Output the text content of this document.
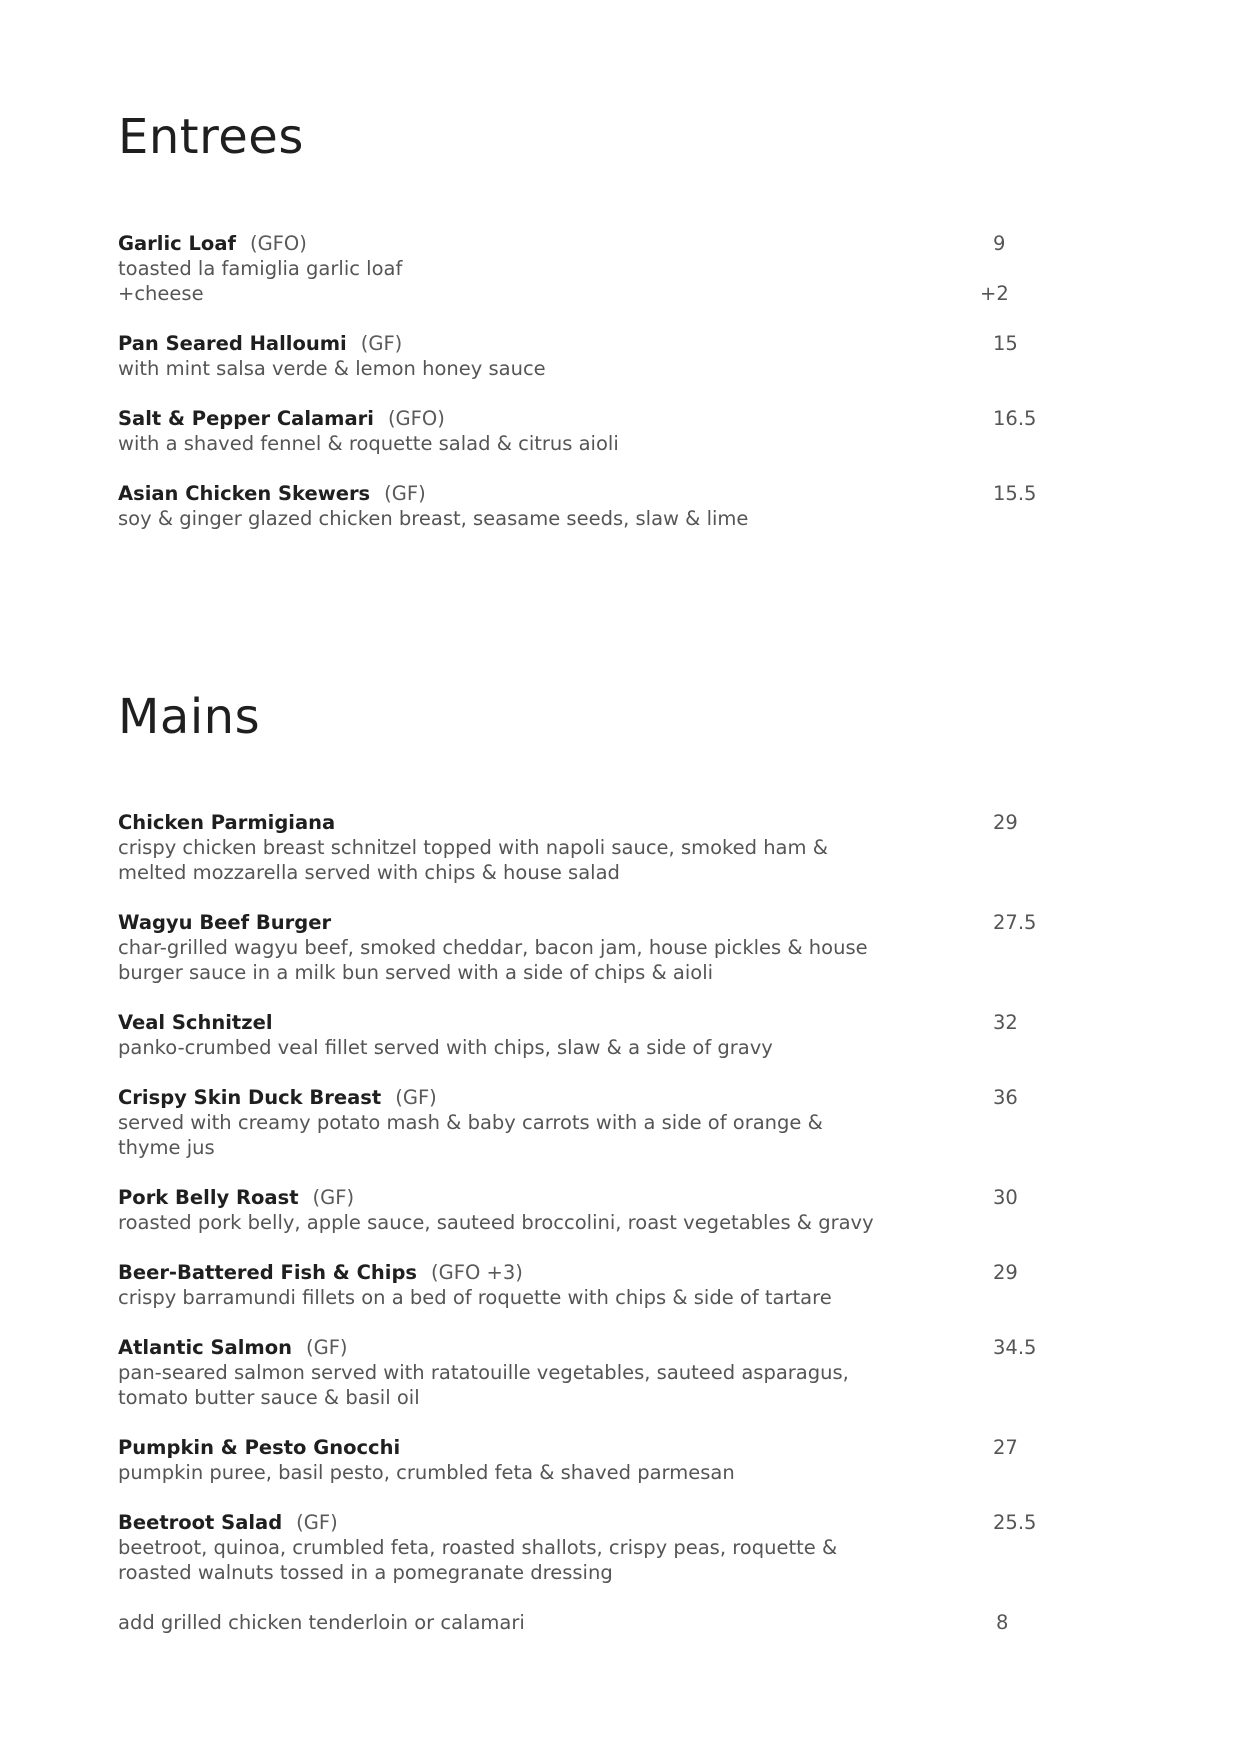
Entrees
Garlic Loaf (GFO)
toasted la famiglia garlic loaf
+cheese
9
+2
Pan Seared Halloumi (GF)
with mint salsa verde & lemon honey sauce
15
Salt & Pepper Calamari (GFO)
with a shaved fennel & roquette salad & citrus aioli
16.5
Asian Chicken Skewers (GF)
soy & ginger glazed chicken breast, seasame seeds, slaw & lime
15.5
Mains
Chicken Parmigiana
crispy chicken breast schnitzel topped with napoli sauce, smoked ham &
melted mozzarella served with chips & house salad
29
Wagyu Beef Burger
char-grilled wagyu beef, smoked cheddar, bacon jam, house pickles & house
burger sauce in a milk bun served with a side of chips & aioli
27.5
Veal Schnitzel
panko-crumbed veal fillet served with chips, slaw & a side of gravy
32
Crispy Skin Duck Breast (GF)
served with creamy potato mash & baby carrots with a side of orange &
thyme jus
36
Pork Belly Roast (GF)
roasted pork belly, apple sauce, sauteed broccolini, roast vegetables & gravy
30
Beer-Battered Fish & Chips (GFO +3)
crispy barramundi fillets on a bed of roquette with chips & side of tartare
29
Atlantic Salmon (GF)
pan-seared salmon served with ratatouille vegetables, sauteed asparagus,
tomato butter sauce & basil oil
34.5
Pumpkin & Pesto Gnocchi
pumpkin puree, basil pesto, crumbled feta & shaved parmesan
27
Beetroot Salad (GF)
beetroot, quinoa, crumbled feta, roasted shallots, crispy peas, roquette &
roasted walnuts tossed in a pomegranate dressing
25.5
add grilled chicken tenderloin or calamari	8
